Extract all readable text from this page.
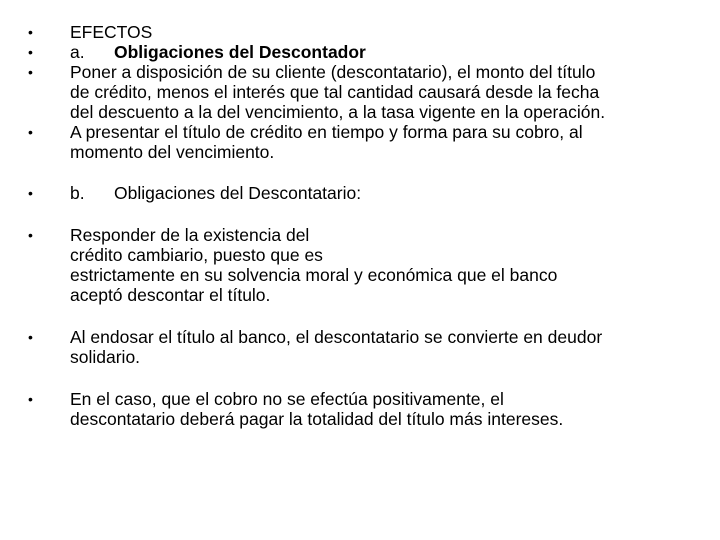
•	EFECTOS
•	a. Obligaciones del Descontador
•	Poner a disposición de su cliente (descontatario), el monto del título
de crédito, menos el interés que tal cantidad causará desde la fecha
del descuento a la del vencimiento, a la tasa vigente en la operación.
•	A presentar el título de crédito en tiempo y forma para su cobro, al
momento del vencimiento.
•	b. Obligaciones del Descontatario:
•	Responder de la existencia del
crédito cambiario, puesto que es
estrictamente en su solvencia moral y económica que el banco
aceptó descontar el título.
•	Al endosar el título al banco, el descontatario se convierte en deudor
solidario.
•	En el caso, que el cobro no se efectúa positivamente, el
descontatario deberá pagar la totalidad del título más intereses.
